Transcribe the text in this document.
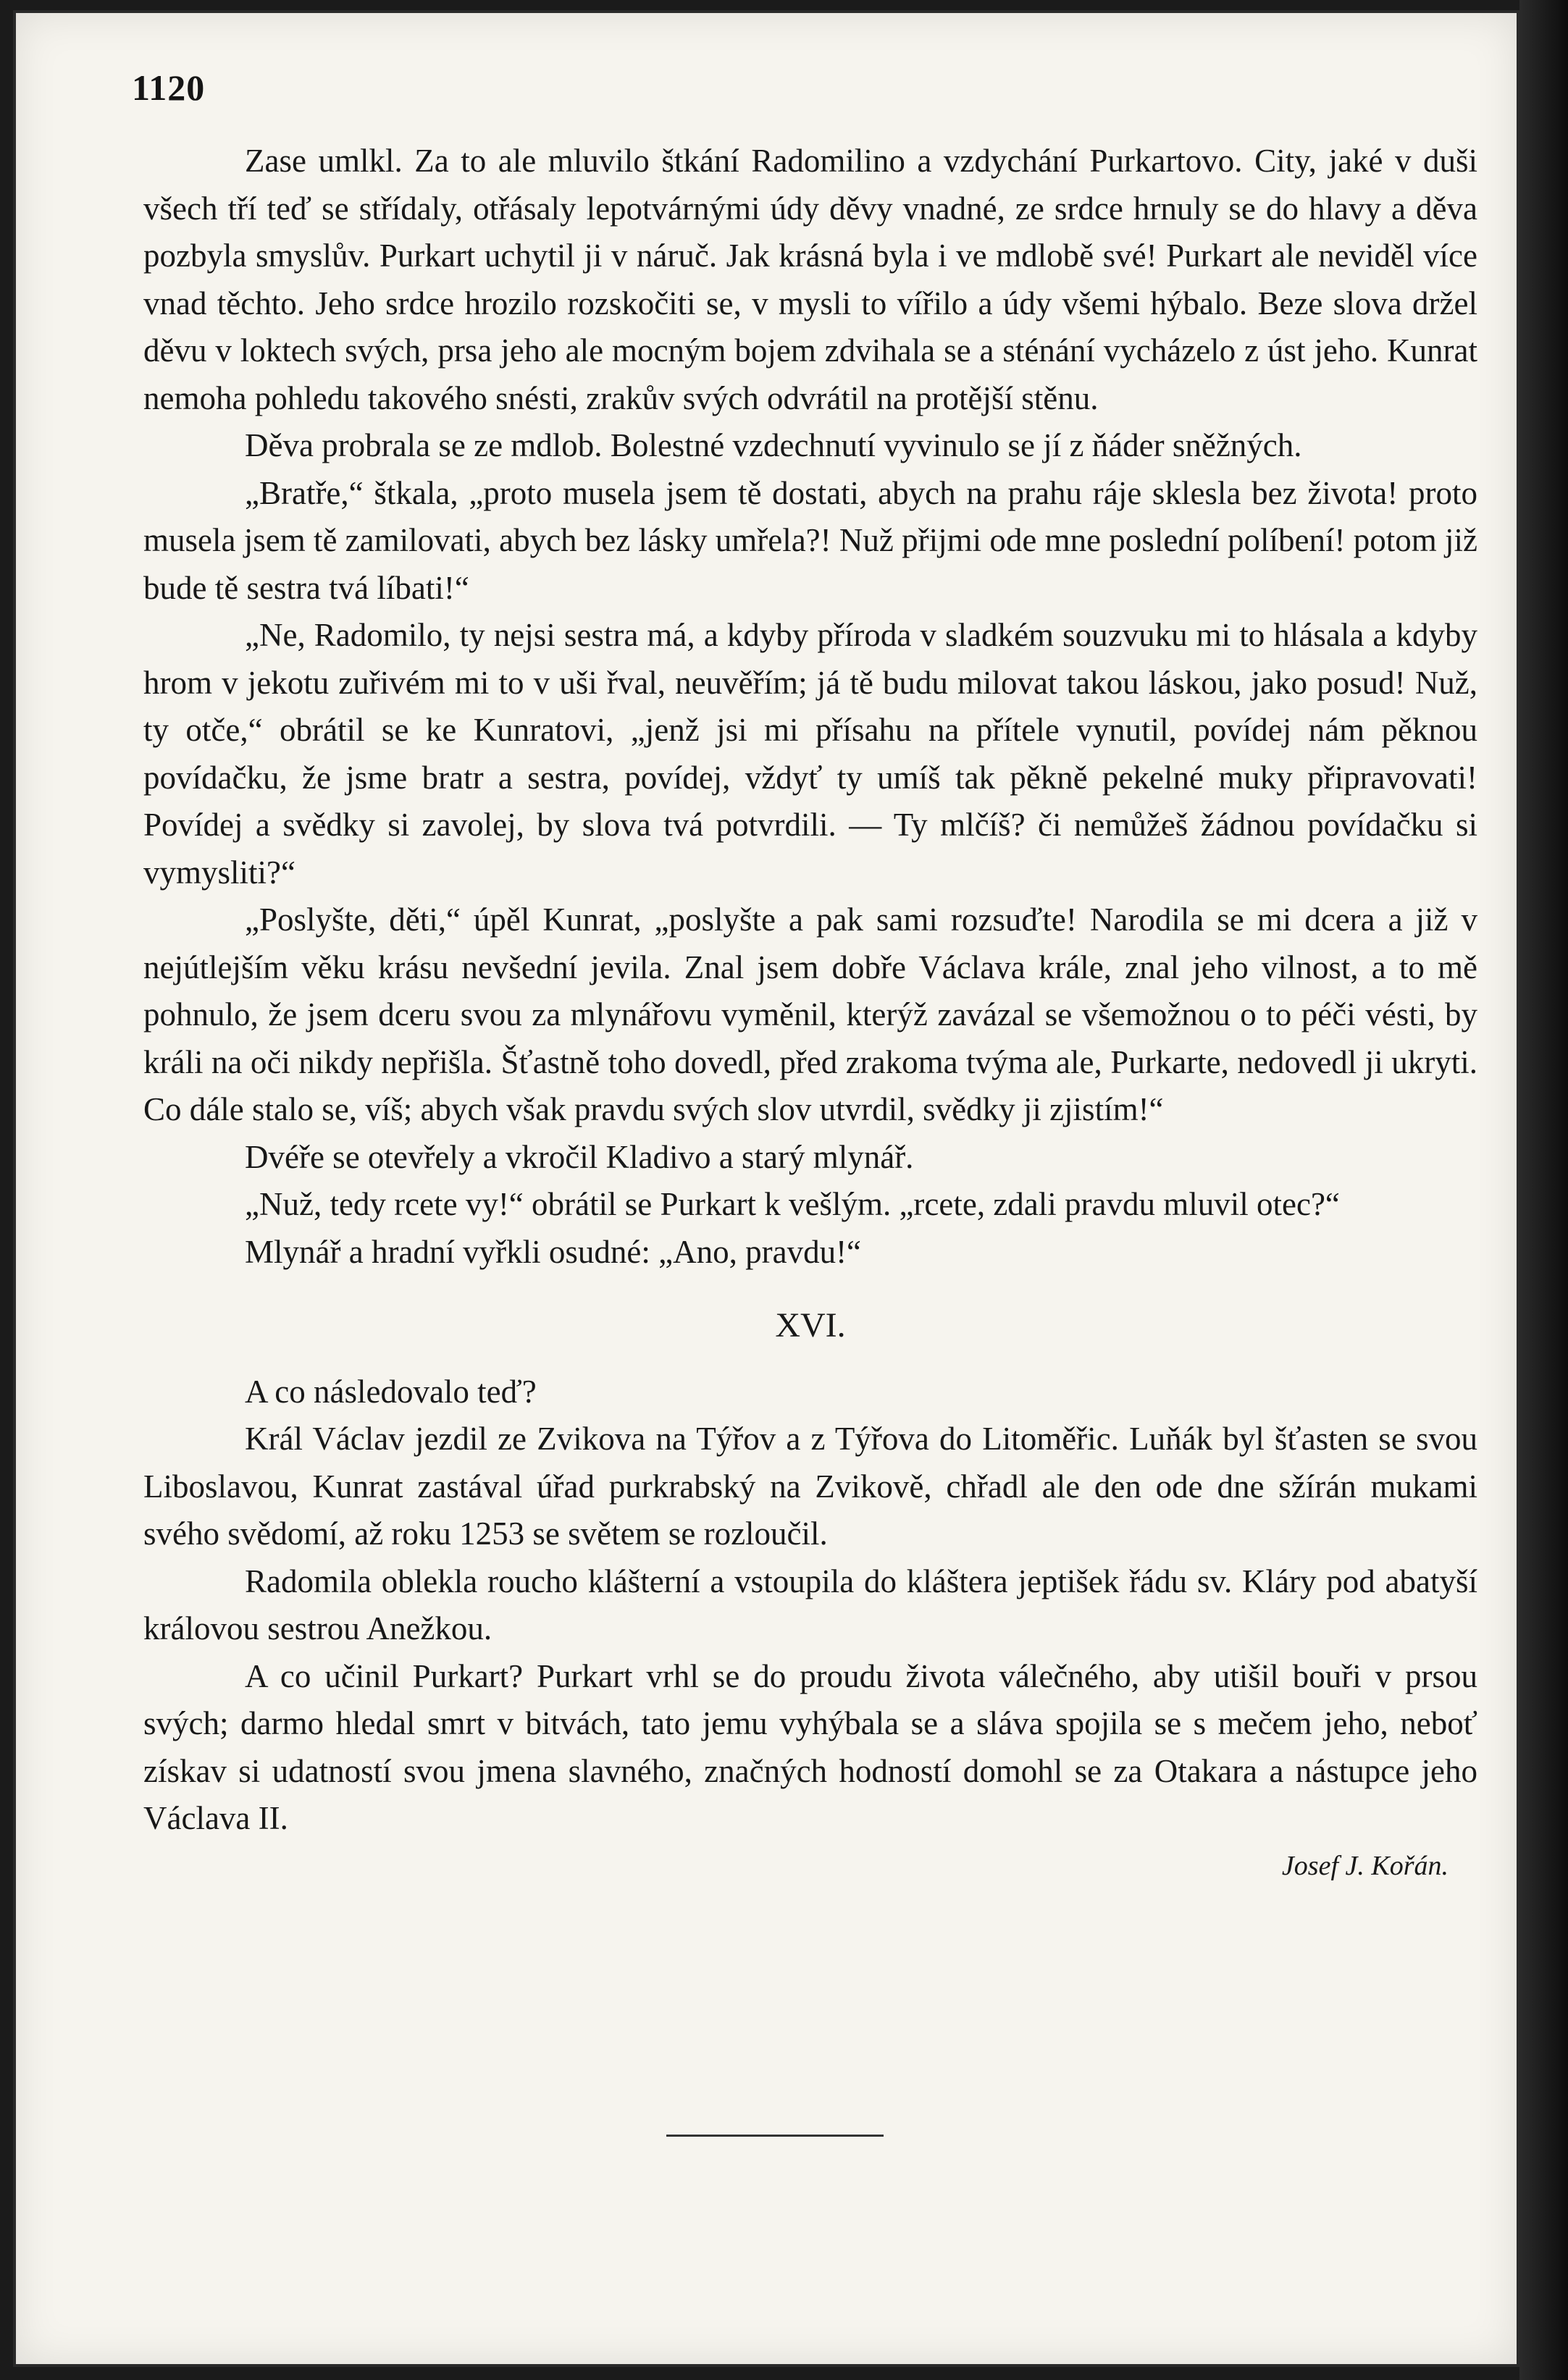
1120

Zase umlkl. Za to ale mluvilo štkání Radomilino a vzdychání Purkartovo. City, jaké v duši všech tří teď se střídaly, otřásaly lepotvárnými údy děvy vnadné, ze srdce hrnuly se do hlavy a děva pozbyla smyslův. Purkart uchytil ji v náruč. Jak krásná byla i ve mdlobě své! Purkart ale neviděl více vnad těchto. Jeho srdce hrozilo rozskočiti se, v mysli to vířilo a údy všemi hýbalo. Beze slova držel děvu v loktech svých, prsa jeho ale mocným bojem zdvihala se a sténání vycházelo z úst jeho. Kunrat nemoha pohledu takového snésti, zrakův svých odvrátil na protější stěnu.

Děva probrala se ze mdlob. Bolestné vzdechnutí vyvinulo se jí z ňáder sněžných.

„Bratře,“ štkala, „proto musela jsem tě dostati, abych na prahu ráje sklesla bez života! proto musela jsem tě zamilovati, abych bez lásky umřela?! Nuž přijmi ode mne poslední políbení! potom již bude tě sestra tvá líbati!“

„Ne, Radomilo, ty nejsi sestra má, a kdyby příroda v sladkém souzvuku mi to hlásala a kdyby hrom v jekotu zuřivém mi to v uši řval, neuvěřím; já tě budu milovat takou láskou, jako posud! Nuž, ty otče,“ obrátil se ke Kunratovi, „jenž jsi mi přísahu na přítele vynutil, povídej nám pěknou povídačku, že jsme bratr a sestra, povídej, vždyť ty umíš tak pěkně pekelné muky připravovati! Povídej a svědky si zavolej, by slova tvá potvrdili. — Ty mlčíš? či nemůžeš žádnou povídačku si vymysliti?“

„Poslyšte, děti,“ úpěl Kunrat, „poslyšte a pak sami rozsuďte! Narodila se mi dcera a již v nejútlejším věku krásu nevšední jevila. Znal jsem dobře Václava krále, znal jeho vilnost, a to mě pohnulo, že jsem dceru svou za mlynářovu vyměnil, kterýž zavázal se všemožnou o to péči vésti, by králi na oči nikdy nepřišla. Šťastně toho dovedl, před zrakoma tvýma ale, Purkarte, nedovedl ji ukryti. Co dále stalo se, víš; abych však pravdu svých slov utvrdil, svědky ji zjistím!“

Dvéře se otevřely a vkročil Kladivo a starý mlynář.

„Nuž, tedy rcete vy!“ obrátil se Purkart k vešlým. „rcete, zdali pravdu mluvil otec?“

Mlynář a hradní vyřkli osudné: „Ano, pravdu!“

XVI.

A co následovalo teď?

Král Václav jezdil ze Zvikova na Týřov a z Týřova do Litoměřic. Luňák byl šťasten se svou Liboslavou, Kunrat zastával úřad purkrabský na Zvikově, chřadl ale den ode dne sžírán mukami svého svědomí, až roku 1253 se světem se rozloučil.

Radomila oblekla roucho klášterní a vstoupila do kláštera jeptišek řádu sv. Kláry pod abatyší královou sestrou Anežkou.

A co učinil Purkart? Purkart vrhl se do proudu života válečného, aby utišil bouři v prsou svých; darmo hledal smrt v bitvách, tato jemu vyhýbala se a sláva spojila se s mečem jeho, neboť získav si udatností svou jmena slavného, značných hodností domohl se za Otakara a nástupce jeho Václava II.

Josef J. Kořán.
